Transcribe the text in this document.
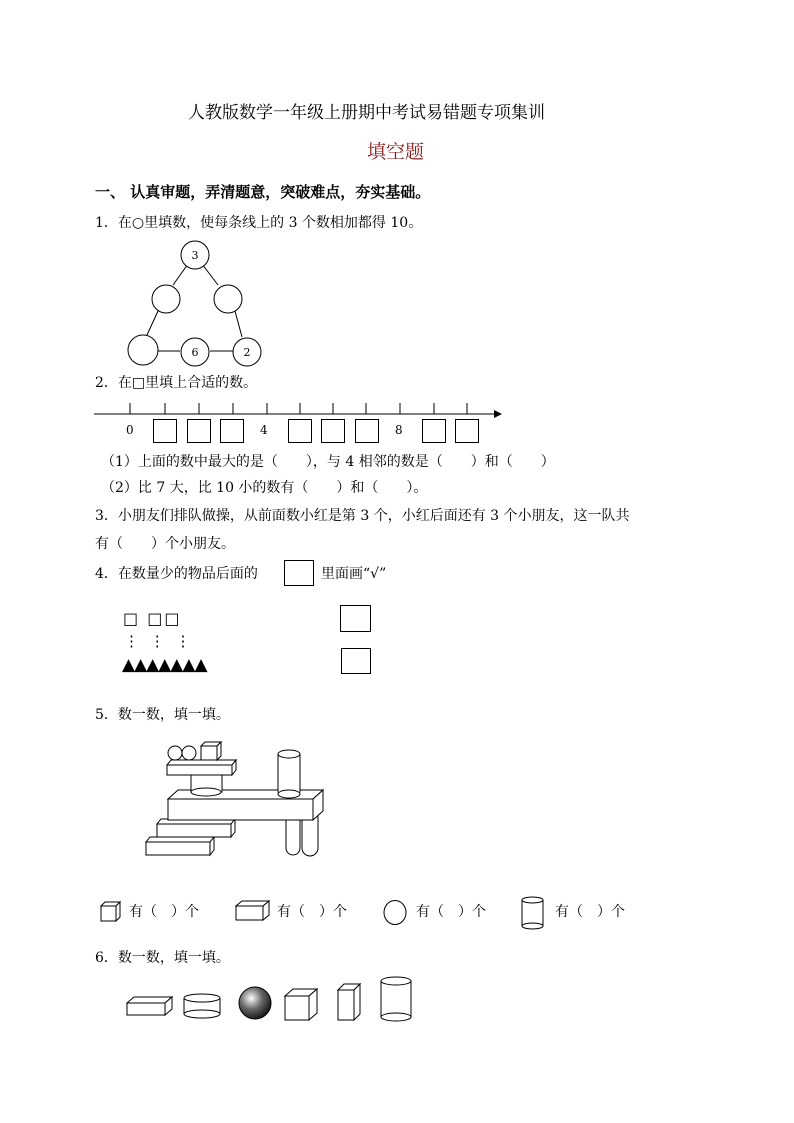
人教版数学一年级上册期中考试易错题专项集训
填空题
一、 认真审题，弄清题意，突破难点，夯实基础。
1．在○里填数，使每条线上的 3 个数相加都得 10。
3
6	2
2．在□里填上合适的数。
0	4	8
（1）上面的数中最大的是（　　），与 4 相邻的数是（　　）和（　　）
（2）比 7 大，比 10 小的数有（　　）和（　　）。
3．小朋友们排队做操，从前面数小红是第 3 个，小红后面还有 3 个小朋友，这一队共
有（　　）个小朋友。
4．在数量少的物品后面的	里面画“√”
□ □□
⋮ ⋮ ⋮
▲▲▲▲▲▲▲
5．数一数，填一填。
有（　）个	有（　）个	有（　）个	有（　）个
6．数一数，填一填。
